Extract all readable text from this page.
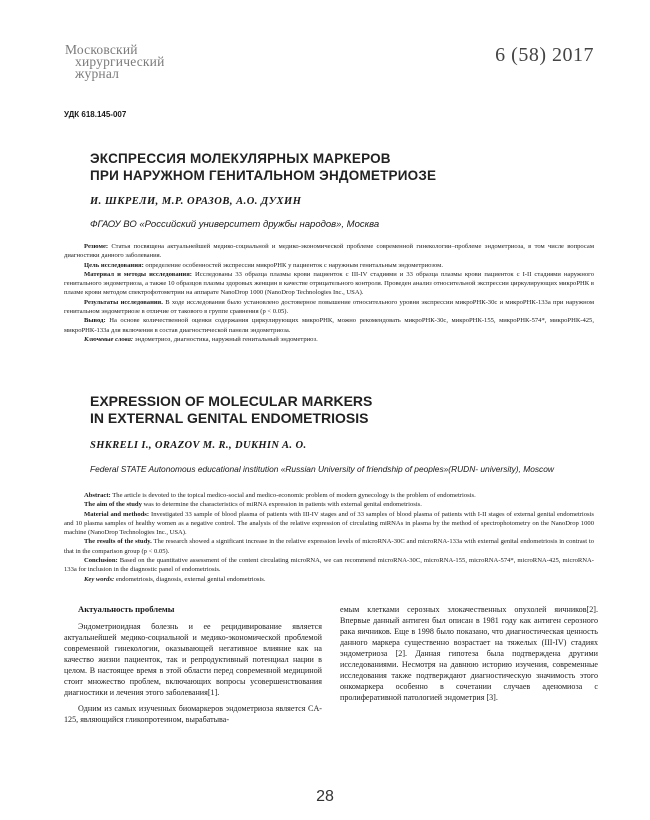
Московский
хирургический
журнал
6 (58) 2017
УДК 618.145-007
ЭКСПРЕССИЯ МОЛЕКУЛЯРНЫХ МАРКЕРОВ
ПРИ НАРУЖНОМ ГЕНИТАЛЬНОМ ЭНДОМЕТРИОЗЕ
И. ШКРЕЛИ, М.Р. ОРАЗОВ, А.О. ДУХИН
ФГАОУ ВО «Российский университет дружбы народов», Москва

Резюме: Статья посвящена актуальнейшей медико-социальной и медико-экономической проблеме современной гинекологии–проблеме эндометриоза, в том числе вопросам диагностики данного заболевания.

Цель исследования: определение особенностей экспрессии микроРНК у пациенток с наружным генитальным эндометриозом.

Материал и методы исследования: Исследованы 33 образца плазмы крови пациенток с III-IV стадиями и 33 образца плазмы крови пациенток с I-II стадиями наружного генитального эндометриоза, а также 10 образцов плазмы здоровых женщин в качестве отрицательного контроля. Проведен анализ относительной экспрессии циркулирующих микроРНК в плазме крови методом спектрофотометрии на аппарате NanoDrop 1000 (NanoDrop Technologies Inc., USA).

Результаты исследования. В ходе исследования было установлено достоверное повышение относительного уровня экспрессии микроРНК-30c и микроРНК-133a при наружном генитальном эндометриозе в отличие от такового в группе сравнения (p < 0.05).

Вывод: На основе количественной оценки содержания циркулирующих микроРНК, можно рекомендовать микроРНК-30c, микроРНК-155, микроРНК-574*, микроРНК-425, микроРНК-133a для включения в состав диагностической панели эндометриоза.

Ключевые слова: эндометриоз, диагностика, наружный генитальный эндометриоз.

EXPRESSION OF MOLECULAR MARKERS
IN EXTERNAL GENITAL ENDOMETRIOSIS
SHKRELI I., ORAZOV M. R., DUKHIN A. O.
Federal STATE Autonomous educational institution «Russian University of friendship of peoples»(RUDN- university), Moscow

Abstract: The article is devoted to the topical medico-social and medico-economic problem of modern gynecology is the problem of endometriosis.

The aim of the study was to determine the characteristics of miRNA expression in patients with external genital endometriosis.

Material and methods: Investigated 33 sample of blood plasma of patients with III-IV stages and of 33 samples of blood plasma of patients with I-II stages of external genital endometriosis and 10 plasma samples of healthy women as a negative control. The analysis of the relative expression of circulating miRNAs in plasma by the method of spectrophotometry on the NanoDrop 1000 machine (NanoDrop Technologies Inc., USA).

The results of the study. The research showed a significant increase in the relative expression levels of microRNA-30C and microRNA-133a with external genital endometriosis in contrast to that in the comparison group (p < 0.05).

Conclusion: Based on the quantitative assessment of the content circulating microRNA, we can recommend microRNA-30C, microRNA-155, microRNA-574*, microRNA-425, microRNA-133a for inclusion in the diagnostic panel of endometriosis.

Key words: endometriosis, diagnosis, external genital endometriosis.

Актуальность проблемы

Эндометриоидная болезнь и ее рецидивирование является актуальнейшей медико-социальной и медико-экономической проблемой современной гинекологии, оказывающей негативное влияние как на качество жизни пациенток, так и репродуктивный потенциал нации в целом. В настоящее время в этой области перед современной медициной стоит множество проблем, включающих вопросы усовершенствования диагностики и лечения этого заболевания[1].

Одним из самых изученных биомаркеров эндометриоза является CA-125, являющийся гликопротеином, вырабатыва-

емым клетками серозных злокачественных опухолей яичников[2]. Впервые данный антиген был описан в 1981 году как антиген серозного рака яичников. Еще в 1998 было показано, что диагностическая ценность данного маркера существенно возрастает на тяжелых (III-IV) стадиях эндометриоза [2]. Данная гипотеза была подтверждена другими исследованиями. Несмотря на давнюю историю изучения, современные исследования также подтверждают диагностическую значимость этого онкомаркера особенно в сочетании случаев аденомиоза с пролиферативной патологией эндометрия [3].

28
